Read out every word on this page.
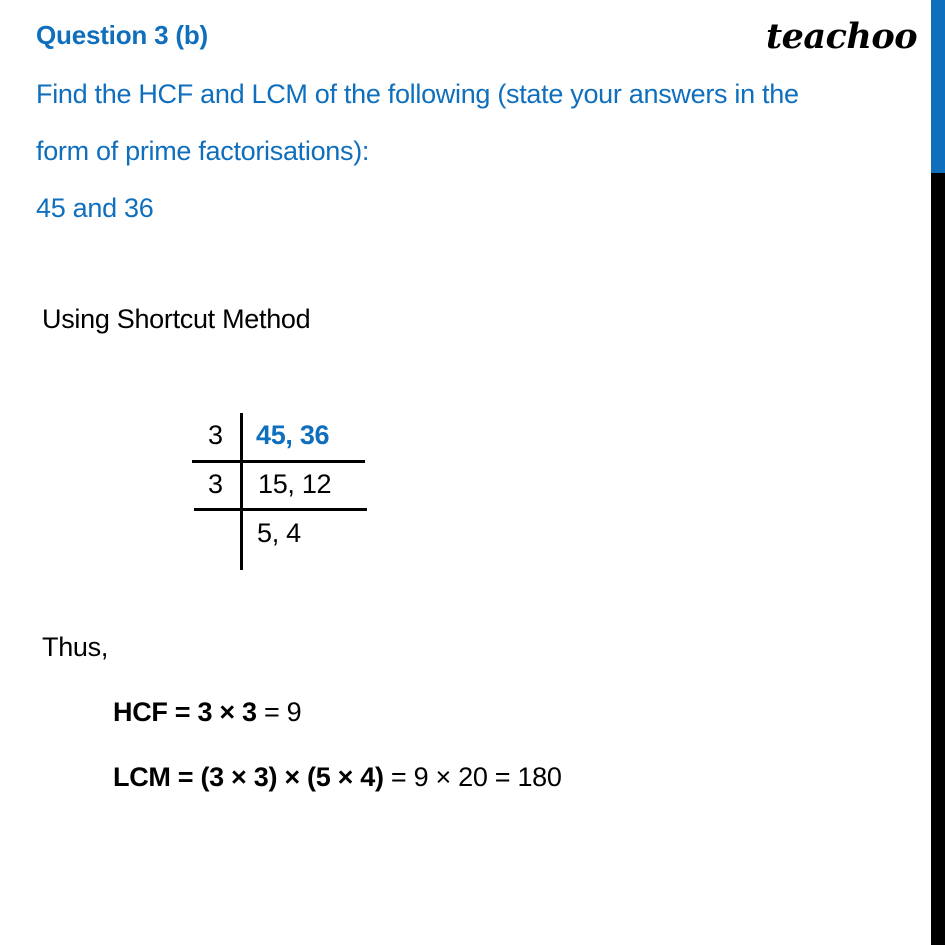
Question 3 (b)	teachoo
Find the HCF and LCM of the following (state your answers in the
form of prime factorisations):
45 and 36
Using Shortcut Method
3 45, 36
3 15, 12
5, 4
Thus,
HCF = 3 × 3 = 9
LCM = (3 × 3) × (5 × 4) = 9 × 20 = 180
